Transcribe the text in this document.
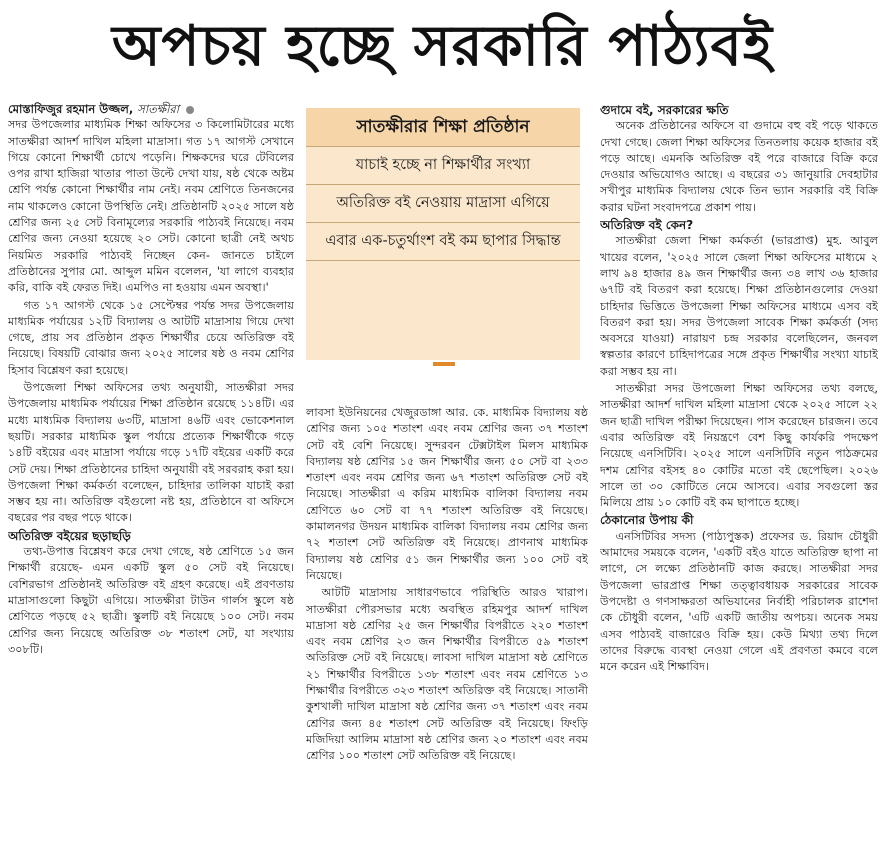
অপচয় হচ্ছে সরকারি পাঠ্যবই
মোস্তাফিজুর রহমান উজ্জল, সাতক্ষীরা

সদর উপজেলার মাধ্যমিক শিক্ষা অফিসের ৩ কিলোমিটারের মধ্যে সাতক্ষীরা আদর্শ দাখিল মহিলা মাদ্রাসা। গত ১৭ আগস্ট সেখানে গিয়ে কোনো শিক্ষার্থী চোখে পড়েনি। শিক্ষকদের ঘরে টেবিলের ওপর রাখা হাজিরা খাতার পাতা উল্টে দেখা যায়, ষষ্ঠ থেকে অষ্টম শ্রেণি পর্যন্ত কোনো শিক্ষার্থীর নাম নেই। নবম শ্রেণিতে তিনজনের নাম থাকলেও কোনো উপস্থিতি নেই। প্রতিষ্ঠানটি ২০২৫ সালে ষষ্ঠ শ্রেণির জন্য ২৫ সেট বিনামূল্যের সরকারি পাঠ্যবই নিয়েছে। নবম শ্রেণির জন্য নেওয়া হয়েছে ২০ সেট। কোনো ছাত্রী নেই অথচ নিয়মিত সরকারি পাঠ্যবই নিচ্ছেন কেন- জানতে চাইলে প্রতিষ্ঠানের সুপার মো. আব্দুল মমিন বলেলন, 'যা লাগে ব্যবহার করি, বাকি বই ফেরত দিই। এমপিও না হওয়ায় এমন অবস্থা।'

গত ১৭ আগস্ট থেকে ১৫ সেপ্টেম্বর পর্যন্ত সদর উপজেলায় মাধ্যমিক পর্যায়ের ১২টি বিদ্যালয় ও আটটি মাদ্রাসায় গিয়ে দেখা গেছে, প্রায় সব প্রতিষ্ঠান প্রকৃত শিক্ষার্থীর চেয়ে অতিরিক্ত বই নিয়েছে। বিষয়টি বোঝার জন্য ২০২৫ সালের ষষ্ঠ ও নবম শ্রেণির হিসাব বিশ্লেষণ করা হয়েছে।

উপজেলা শিক্ষা অফিসের তথ্য অনুযায়ী, সাতক্ষীরা সদর উপজেলায় মাধ্যমিক পর্যায়ের শিক্ষা প্রতিষ্ঠান রয়েছে ১১৪টি। এর মধ্যে মাধ্যমিক বিদ্যালয় ৬৩টি, মাদ্রাসা ৪৬টি এবং ভোকেশনাল ছয়টি। সরকার মাধ্যমিক স্কুল পর্যায়ে প্রত্যেক শিক্ষার্থীকে গড়ে ১৪টি বইয়ের এবং মাদ্রাসা পর্যায়ে গড়ে ১৭টি বইয়ের একটি করে সেট দেয়। শিক্ষা প্রতিষ্ঠানের চাহিদা অনুযায়ী বই সরবরাহ করা হয়। উপজেলা শিক্ষা কর্মকর্তা বলেছেন, চাহিদার তালিকা যাচাই করা সম্ভব হয় না। অতিরিক্ত বইগুলো নষ্ট হয়, প্রতিষ্ঠানে বা অফিসে বছরের পর বছর পড়ে থাকে।

অতিরিক্ত বইয়ের ছড়াছড়ি

তথ্য-উপাত্ত বিশ্লেষণ করে দেখা গেছে, ষষ্ঠ শ্রেণিতে ১৫ জন শিক্ষার্থী রয়েছে- এমন একটি স্কুল ৫০ সেট বই নিয়েছে। বেশিরভাগ প্রতিষ্ঠানই অতিরিক্ত বই গ্রহণ করেছে। এই প্রবণতায় মাদ্রাসাগুলো কিছুটা এগিয়ে। সাতক্ষীরা টাউন গার্লস স্কুলে ষষ্ঠ শ্রেণিতে পড়ছে ৫২ ছাত্রী। স্কুলটি বই নিয়েছে ১০০ সেট। নবম শ্রেণির জন্য নিয়েছে অতিরিক্ত ৩৮ শতাংশ সেট, যা সংখ্যায় ৩০৮টি।

সাতক্ষীরার শিক্ষা প্রতিষ্ঠান
যাচাই হচ্ছে না শিক্ষার্থীর সংখ্যা
অতিরিক্ত বই নেওয়ায় মাদ্রাসা এগিয়ে
এবার এক-চতুর্থাংশ বই কম ছাপার সিদ্ধান্ত

লাবসা ইউনিয়নের খেজুরডাঙ্গা আর. কে. মাধ্যমিক বিদ্যালয় ষষ্ঠ শ্রেণির জন্য ১০৫ শতাংশ এবং নবম শ্রেণির জন্য ৩৭ শতাংশ সেট বই বেশি নিয়েছে। সুন্দরবন টেক্সটাইল মিলস মাধ্যমিক বিদ্যালয় ষষ্ঠ শ্রেণির ১৫ জন শিক্ষার্থীর জন্য ৫০ সেট বা ২৩৩ শতাংশ এবং নবম শ্রেণির জন্য ৬৭ শতাংশ অতিরিক্ত সেট বই নিয়েছে। সাতক্ষীরা এ করিম মাধ্যমিক বালিকা বিদ্যালয় নবম শ্রেণিতে ৬০ সেট বা ৭৭ শতাংশ অতিরিক্ত বই নিয়েছে। কামালনগর উদয়ন মাধ্যমিক বালিকা বিদ্যালয় নবম শ্রেণির জন্য ৭২ শতাংশ সেট অতিরিক্ত বই নিয়েছে। প্রাণনাথ মাধ্যমিক বিদ্যালয় ষষ্ঠ শ্রেণির ৫১ জন শিক্ষার্থীর জন্য ১০০ সেট বই নিয়েছে।

আটটি মাদ্রাসায় সাধারণভাবে পরিস্থিতি আরও খারাপ। সাতক্ষীরা পৌরসভার মধ্যে অবস্থিত রহিমপুর আদর্শ দাখিল মাদ্রাসা ষষ্ঠ শ্রেণির ২৫ জন শিক্ষার্থীর বিপরীতে ২২০ শতাংশ এবং নবম শ্রেণির ২৩ জন শিক্ষার্থীর বিপরীতে ৫৯ শতাংশ অতিরিক্ত সেট বই নিয়েছে। লাবসা দাখিল মাদ্রাসা ষষ্ঠ শ্রেণিতে ২১ শিক্ষার্থীর বিপরীতে ১৩৮ শতাংশ এবং নবম শ্রেণিতে ১৩ শিক্ষার্থীর বিপরীতে ৩২৩ শতাংশ অতিরিক্ত বই নিয়েছে। সাতানী কুশখালী দাখিল মাদ্রাসা ষষ্ঠ শ্রেণির জন্য ৩৭ শতাংশ এবং নবম শ্রেণির জন্য ৪৫ শতাংশ সেট অতিরিক্ত বই নিয়েছে। ফিংড়ি মজিদিয়া আলিম মাদ্রাসা ষষ্ঠ শ্রেণির জন্য ২০ শতাংশ এবং নবম শ্রেণির ১০০ শতাংশ সেট অতিরিক্ত বই নিয়েছে।

গুদামে বই, সরকারের ক্ষতি

অনেক প্রতিষ্ঠানের অফিসে বা গুদামে বহু বই পড়ে থাকতে দেখা গেছে। জেলা শিক্ষা অফিসের তিনতলায় কয়েক হাজার বই পড়ে আছে। এমনকি অতিরিক্ত বই পরে বাজারে বিক্রি করে দেওয়ার অভিযোগও আছে। এ বছরের ৩১ জানুয়ারি দেবহাটার সখীপুর মাধ্যমিক বিদ্যালয় থেকে তিন ভ্যান সরকারি বই বিক্রি করার ঘটনা সংবাদপত্রে প্রকাশ পায়।

অতিরিক্ত বই কেন?

সাতক্ষীরা জেলা শিক্ষা কর্মকর্তা (ভারপ্রাপ্ত) মুহ. আবুল খায়ের বলেন, '২০২৫ সালে জেলা শিক্ষা অফিসের মাধ্যমে ২ লাখ ৯৪ হাজার ৪৯ জন শিক্ষার্থীর জন্য ৩৪ লাখ ৩৬ হাজার ৬৭টি বই বিতরণ করা হয়েছে। শিক্ষা প্রতিষ্ঠানগুলোর দেওয়া চাহিদার ভিত্তিতে উপজেলা শিক্ষা অফিসের মাধ্যমে এসব বই বিতরণ করা হয়। সদর উপজেলা সাবেক শিক্ষা কর্মকর্তা (সদ্য অবসরে যাওয়া) নারায়ণ চন্দ্র সরকার বলেছিলেন, জনবল স্বল্পতার কারণে চাহিদাপত্রের সঙ্গে প্রকৃত শিক্ষার্থীর সংখ্যা যাচাই করা সম্ভব হয় না।

সাতক্ষীরা সদর উপজেলা শিক্ষা অফিসের তথ্য বলছে, সাতক্ষীরা আদর্শ দাখিল মহিলা মাদ্রাসা থেকে ২০২৫ সালে ২২ জন ছাত্রী দাখিল পরীক্ষা দিয়েছেন। পাস করেছেন চারজন। তবে এবার অতিরিক্ত বই নিয়ন্ত্রণে বেশ কিছু কার্যকরি পদক্ষেপ নিয়েছে এনসিটিবি। ২০২৫ সালে এনসিটিবি নতুন পাঠক্রমের দশম শ্রেণির বইসহ ৪০ কোটির মতো বই ছেপেছিল। ২০২৬ সালে তা ৩০ কোটিতে নেমে আসবে। এবার সবগুলো স্তর মিলিয়ে প্রায় ১০ কোটি বই কম ছাপাতে হচ্ছে।

ঠেকানোর উপায় কী

এনসিটিবির সদস্য (পাঠ্যপুস্তক) প্রফেসর ড. রিয়াদ চৌধুরী আমাদের সময়কে বলেন, 'একটি বইও যাতে অতিরিক্ত ছাপা না লাগে, সে লক্ষ্যে প্রতিষ্ঠানটি কাজ করছে। সাতক্ষীরা সদর উপজেলা ভারপ্রাপ্ত শিক্ষা তত্ত্বাবধায়ক সরকারের সাবেক উপদেষ্টা ও গণসাক্ষরতা অভিযানের নির্বাহী পরিচালক রাশেদা কে চৌধুরী বলেন, 'এটি একটি জাতীয় অপচয়। অনেক সময় এসব পাঠ্যবই বাজারেও বিক্রি হয়। কেউ মিথ্যা তথ্য দিলে তাদের বিরুদ্ধে ব্যবস্থা নেওয়া গেলে এই প্রবণতা কমবে বলে মনে করেন এই শিক্ষাবিদ।
